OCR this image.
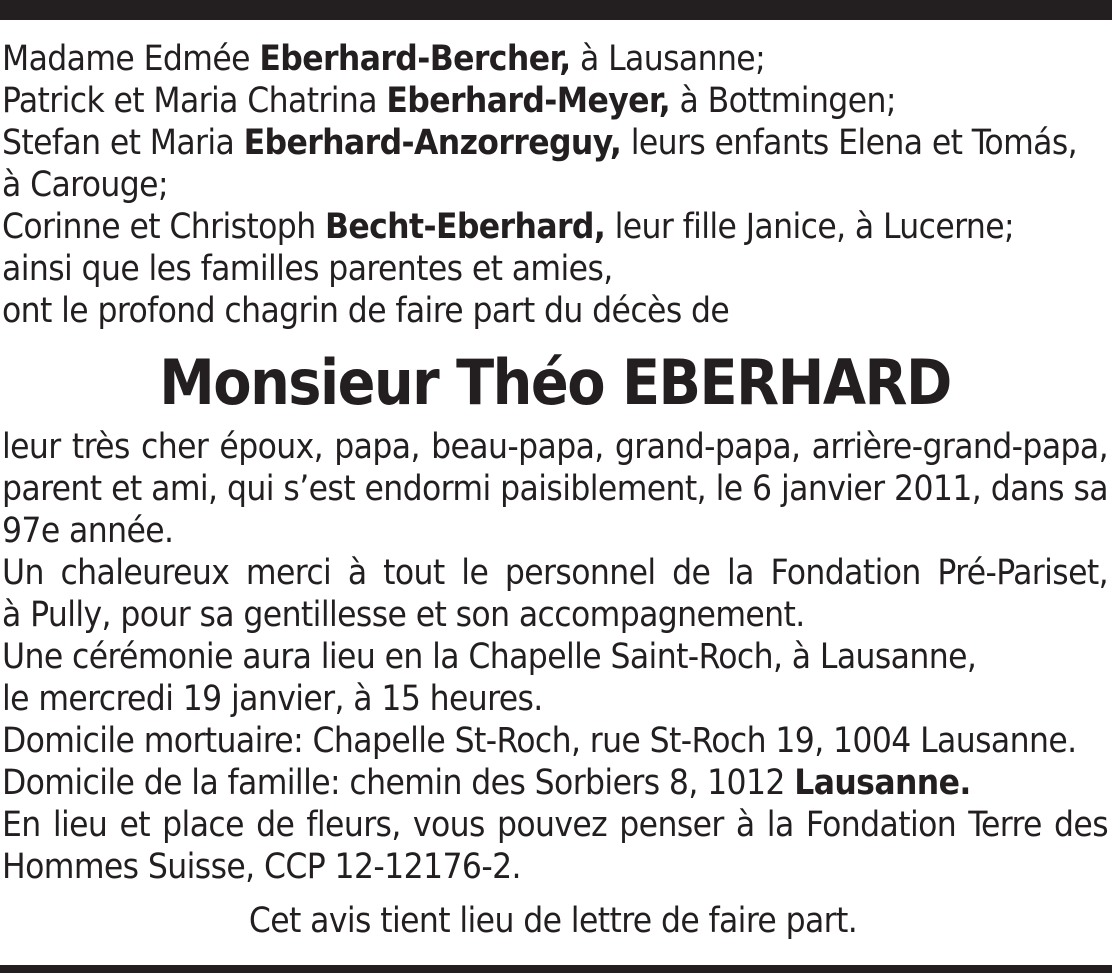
Madame Edmée Eberhard-Bercher, à Lausanne;
Patrick et Maria Chatrina Eberhard-Meyer, à Bottmingen;
Stefan et Maria Eberhard-Anzorreguy, leurs enfants Elena et Tomás,
à Carouge;
Corinne et Christoph Becht-Eberhard, leur fille Janice, à Lucerne;
ainsi que les familles parentes et amies,
ont le profond chagrin de faire part du décès de
Monsieur Théo EBERHARD
leur très cher époux, papa, beau-papa, grand-papa, arrière-grand-papa,
parent et ami, qui s’est endormi paisiblement, le 6 janvier 2011, dans sa
97e année.
Un chaleureux merci à tout le personnel de la Fondation Pré-Pariset,
à Pully, pour sa gentillesse et son accompagnement.
Une cérémonie aura lieu en la Chapelle Saint-Roch, à Lausanne,
le mercredi 19 janvier, à 15 heures.
Domicile mortuaire: Chapelle St-Roch, rue St-Roch 19, 1004 Lausanne.
Domicile de la famille: chemin des Sorbiers 8, 1012 Lausanne.
En lieu et place de fleurs, vous pouvez penser à la Fondation Terre des
Hommes Suisse, CCP 12-12176-2.
Cet avis tient lieu de lettre de faire part.
